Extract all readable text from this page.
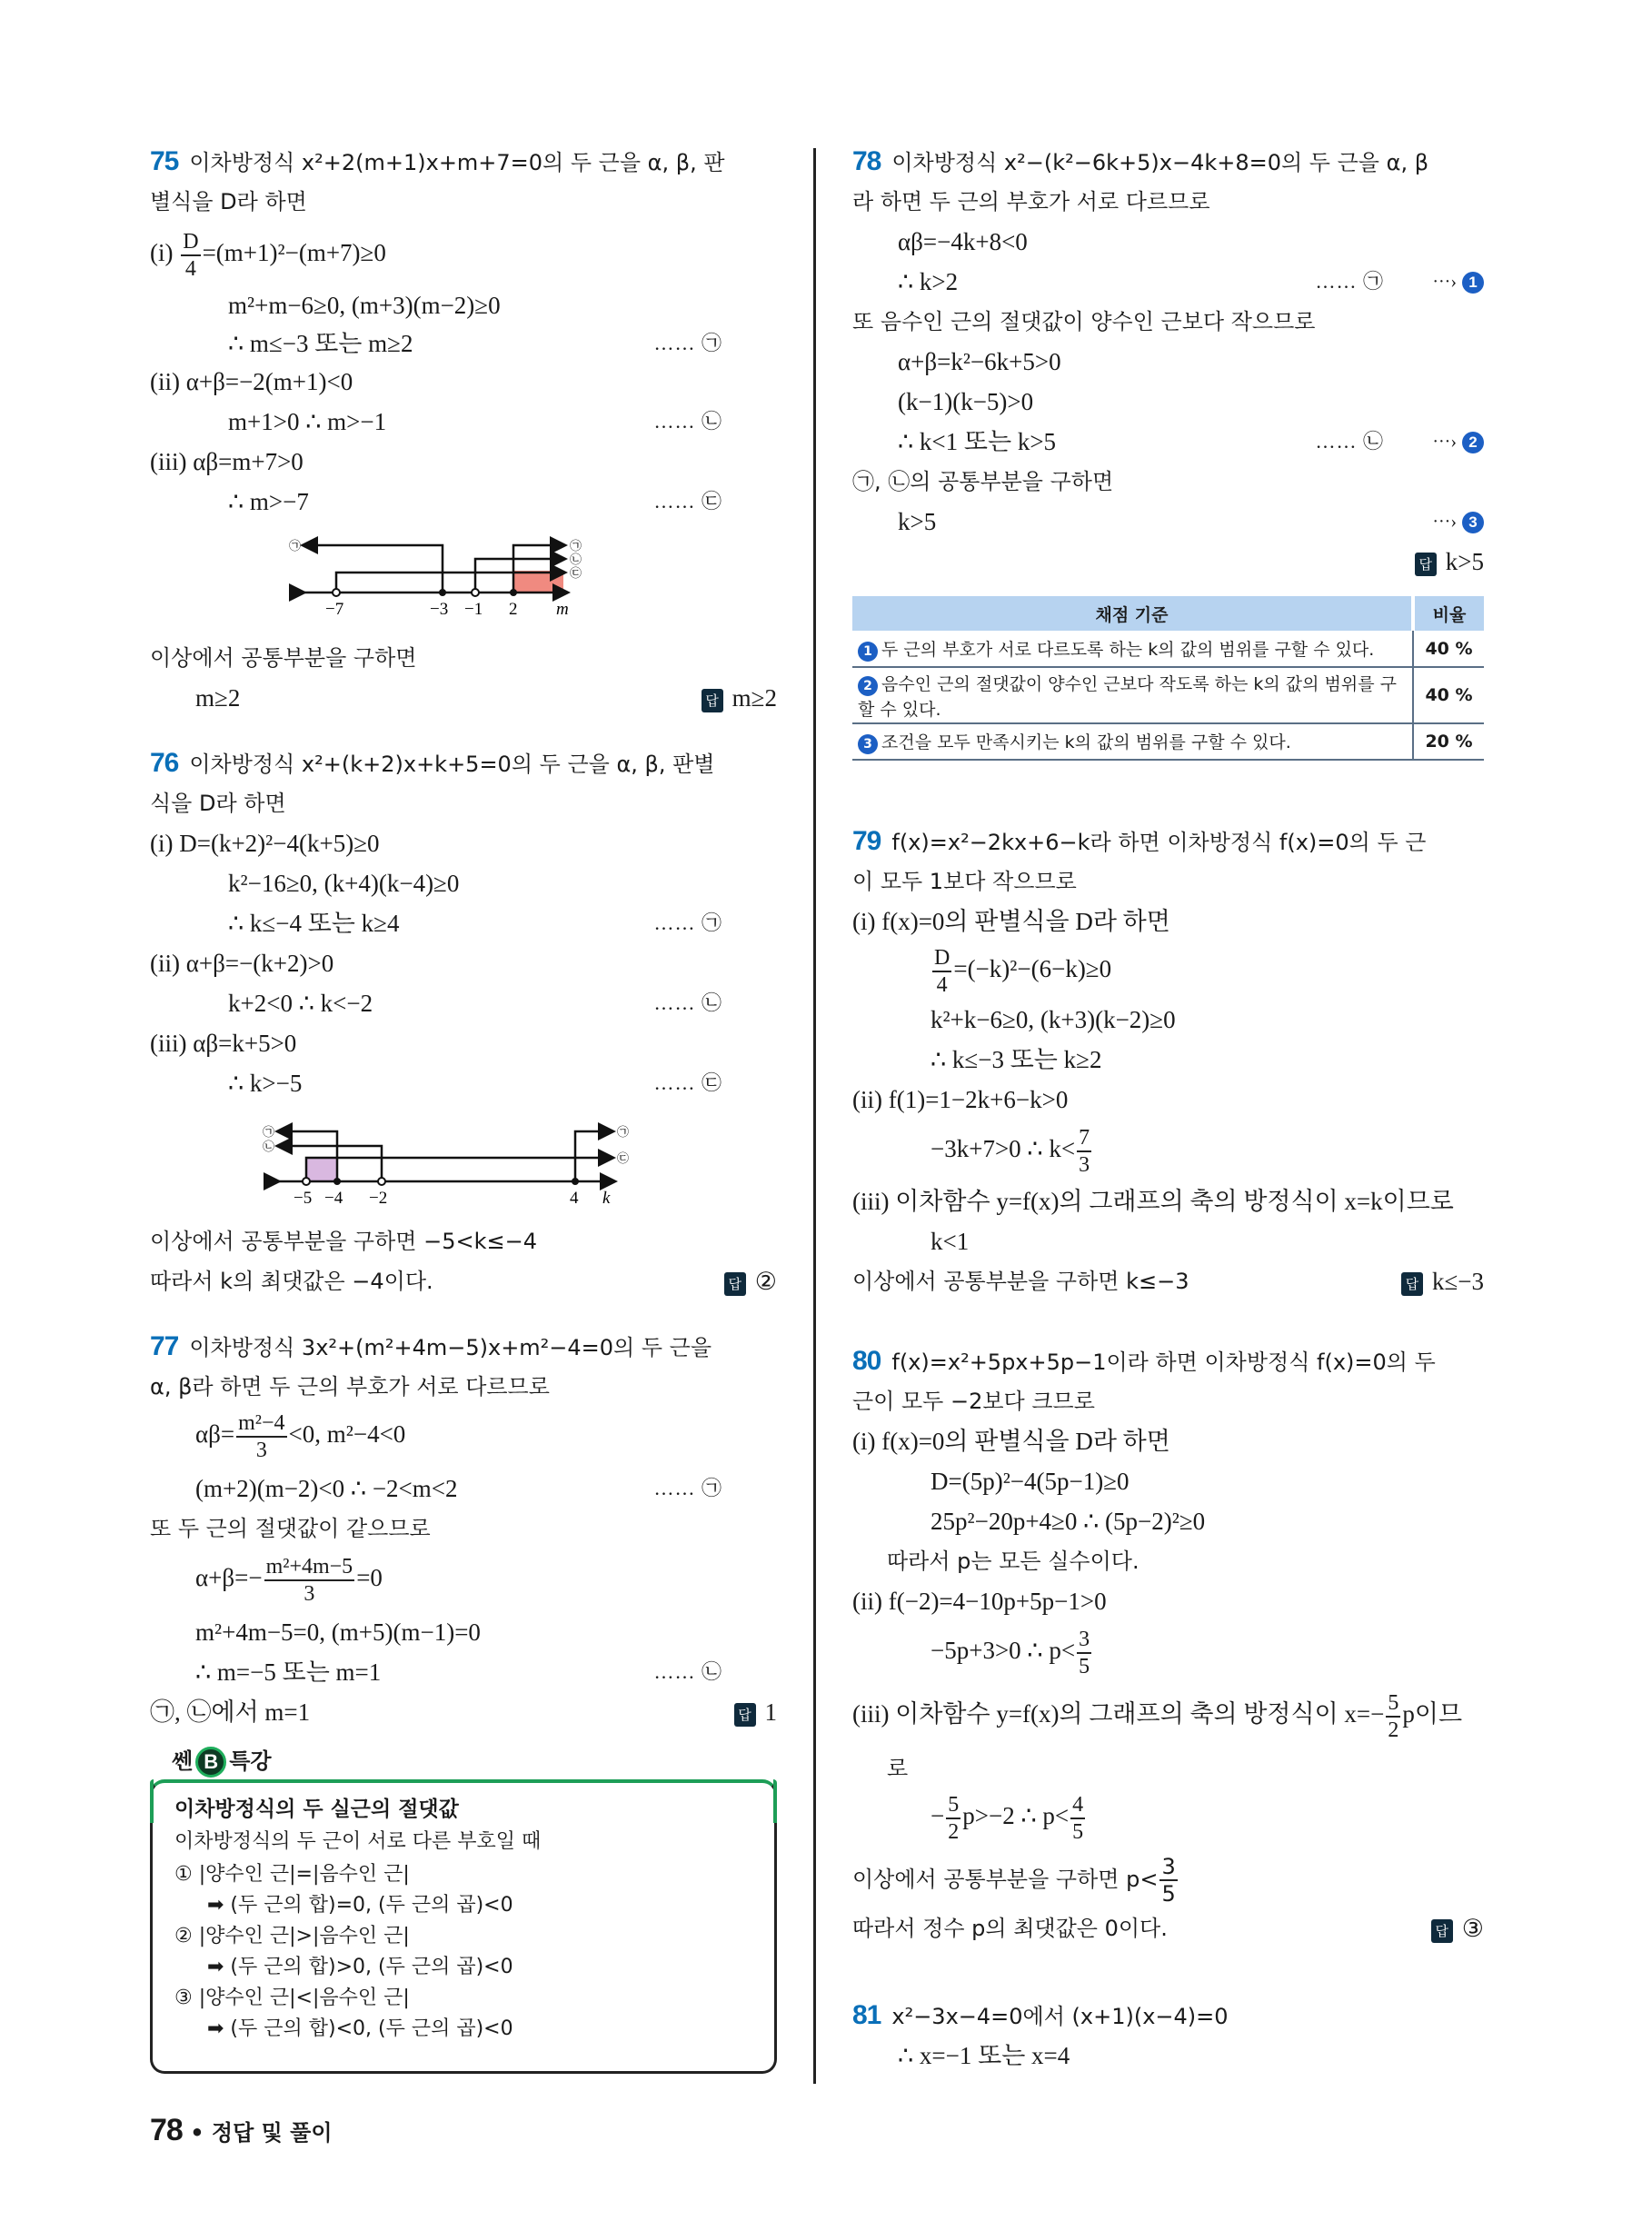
75 이차방정식 x²+2(m+1)x+m+7=0의 두 근을 α, β, 판
별식을 D라 하면
$(i) \frac{D}{4} =(m+1)^2-(m+7)\ge 0$
m²+m−6≥0, (m+3)(m−2)≥0
∴ m≤−3 또는 m≥2	…… ㉠
(ii) α+β=−2(m+1)<0
m+1>0 ∴ m>−1	…… ㉡
(iii) αβ=m+7>0
∴ m>−7	…… ㉢
㉠	㉠
㉡
㉢
−7	−3 −1 2 m
이상에서 공통부분을 구하면
m≥2	답 m≥2
76 이차방정식 x²+(k+2)x+k+5=0의 두 근을 α, β, 판별
식을 D라 하면
(i) D=(k+2)²−4(k+5)≥0
k²−16≥0, (k+4)(k−4)≥0
∴ k≤−4 또는 k≥4	…… ㉠
(ii) α+β=−(k+2)>0
k+2<0 ∴ k<−2	…… ㉡
(iii) αβ=k+5>0
∴ k>−5	…… ㉢
㉠
㉡
㉠
㉢
−5 −4 −2	4 k
이상에서 공통부분을 구하면 −5<k≤−4
따라서 k의 최댓값은 −4이다.	답 ②
77 이차방정식 3x²+(m²+4m−5)x+m²−4=0의 두 근을
α, β라 하면 두 근의 부호가 서로 다르므로
$\alpha\beta= \frac{\text{m²−4}}{3} <0$, m²−4<0
(m+2)(m−2)<0 ∴ −2<m<2	…… ㉠
또 두 근의 절댓값이 같으므로
$\alpha+\beta=- \frac{\text{m²+4m−5}}{3} =0$
m²+4m−5=0, (m+5)(m−1)=0
∴ m=−5 또는 m=1	…… ㉡
㉠, ㉡에서 m=1	답 1
쎈 B 특강
이차방정식의 두 실근의 절댓값
이차방정식의 두 근이 서로 다른 부호일 때
① |양수인 근|=|음수인 근|
➡ (두 근의 합)=0, (두 근의 곱)<0
② |양수인 근|>|음수인 근|
➡ (두 근의 합)>0, (두 근의 곱)<0
③ |양수인 근|<|음수인 근|
➡ (두 근의 합)<0, (두 근의 곱)<0
78 이차방정식 x²−(k²−6k+5)x−4k+8=0의 두 근을 α, β
라 하면 두 근의 부호가 서로 다르므로
αβ=−4k+8<0
∴ k>2	…… ㉠	···› 1
또 음수인 근의 절댓값이 양수인 근보다 작으므로
α+β=k²−6k+5>0
(k−1)(k−5)>0
∴ k<1 또는 k>5	…… ㉡	···› 2
㉠, ㉡의 공통부분을 구하면
k>5	···› 3
답 k>5
채점 기준	비율
1 두 근의 부호가 서로 다르도록 하는 k의 값의 범위를 구할 수 있다.	40 %
2 음수인 근의 절댓값이 양수인 근보다 작도록 하는 k의 값의 범위를 구할 수 있다.	40 %
3 조건을 모두 만족시키는 k의 값의 범위를 구할 수 있다.	20 %
79 f(x)=x²−2kx+6−k라 하면 이차방정식 f(x)=0의 두 근
이 모두 1보다 작으므로
(i) f(x)=0의 판별식을 D라 하면
$\frac{D}{4} =(-k)^2-(6-k)\ge 0$
k²+k−6≥0, (k+3)(k−2)≥0
∴ k≤−3 또는 k≥2
(ii) f(1)=1−2k+6−k>0
−3k+7>0 ∴ $k< \frac{7}{3}$
(iii) 이차함수 y=f(x)의 그래프의 축의 방정식이 x=k이므로
k<1
이상에서 공통부분을 구하면 k≤−3	답 k≤−3
80 f(x)=x²+5px+5p−1이라 하면 이차방정식 f(x)=0의 두
근이 모두 −2보다 크므로
(i) f(x)=0의 판별식을 D라 하면
D=(5p)²−4(5p−1)≥0
25p²−20p+4≥0 ∴ (5p−2)²≥0
따라서 p는 모든 실수이다.
(ii) f(−2)=4−10p+5p−1>0
−5p+3>0 ∴ $p< \frac{3}{5}$
(iii) 이차함수 y=f(x)의 그래프의 축의 방정식이 $x=- \frac{5}{2}$ p이므
로
− $\frac{5}{2} p>-2$ ∴ $p< \frac{4}{5}$
이상에서 공통부분을 구하면 $p< \frac{3}{5}$
따라서 정수 p의 최댓값은 0이다.	답 ③
81 x²−3x−4=0에서 (x+1)(x−4)=0
∴ x=−1 또는 x=4
78 • 정답 및 풀이
